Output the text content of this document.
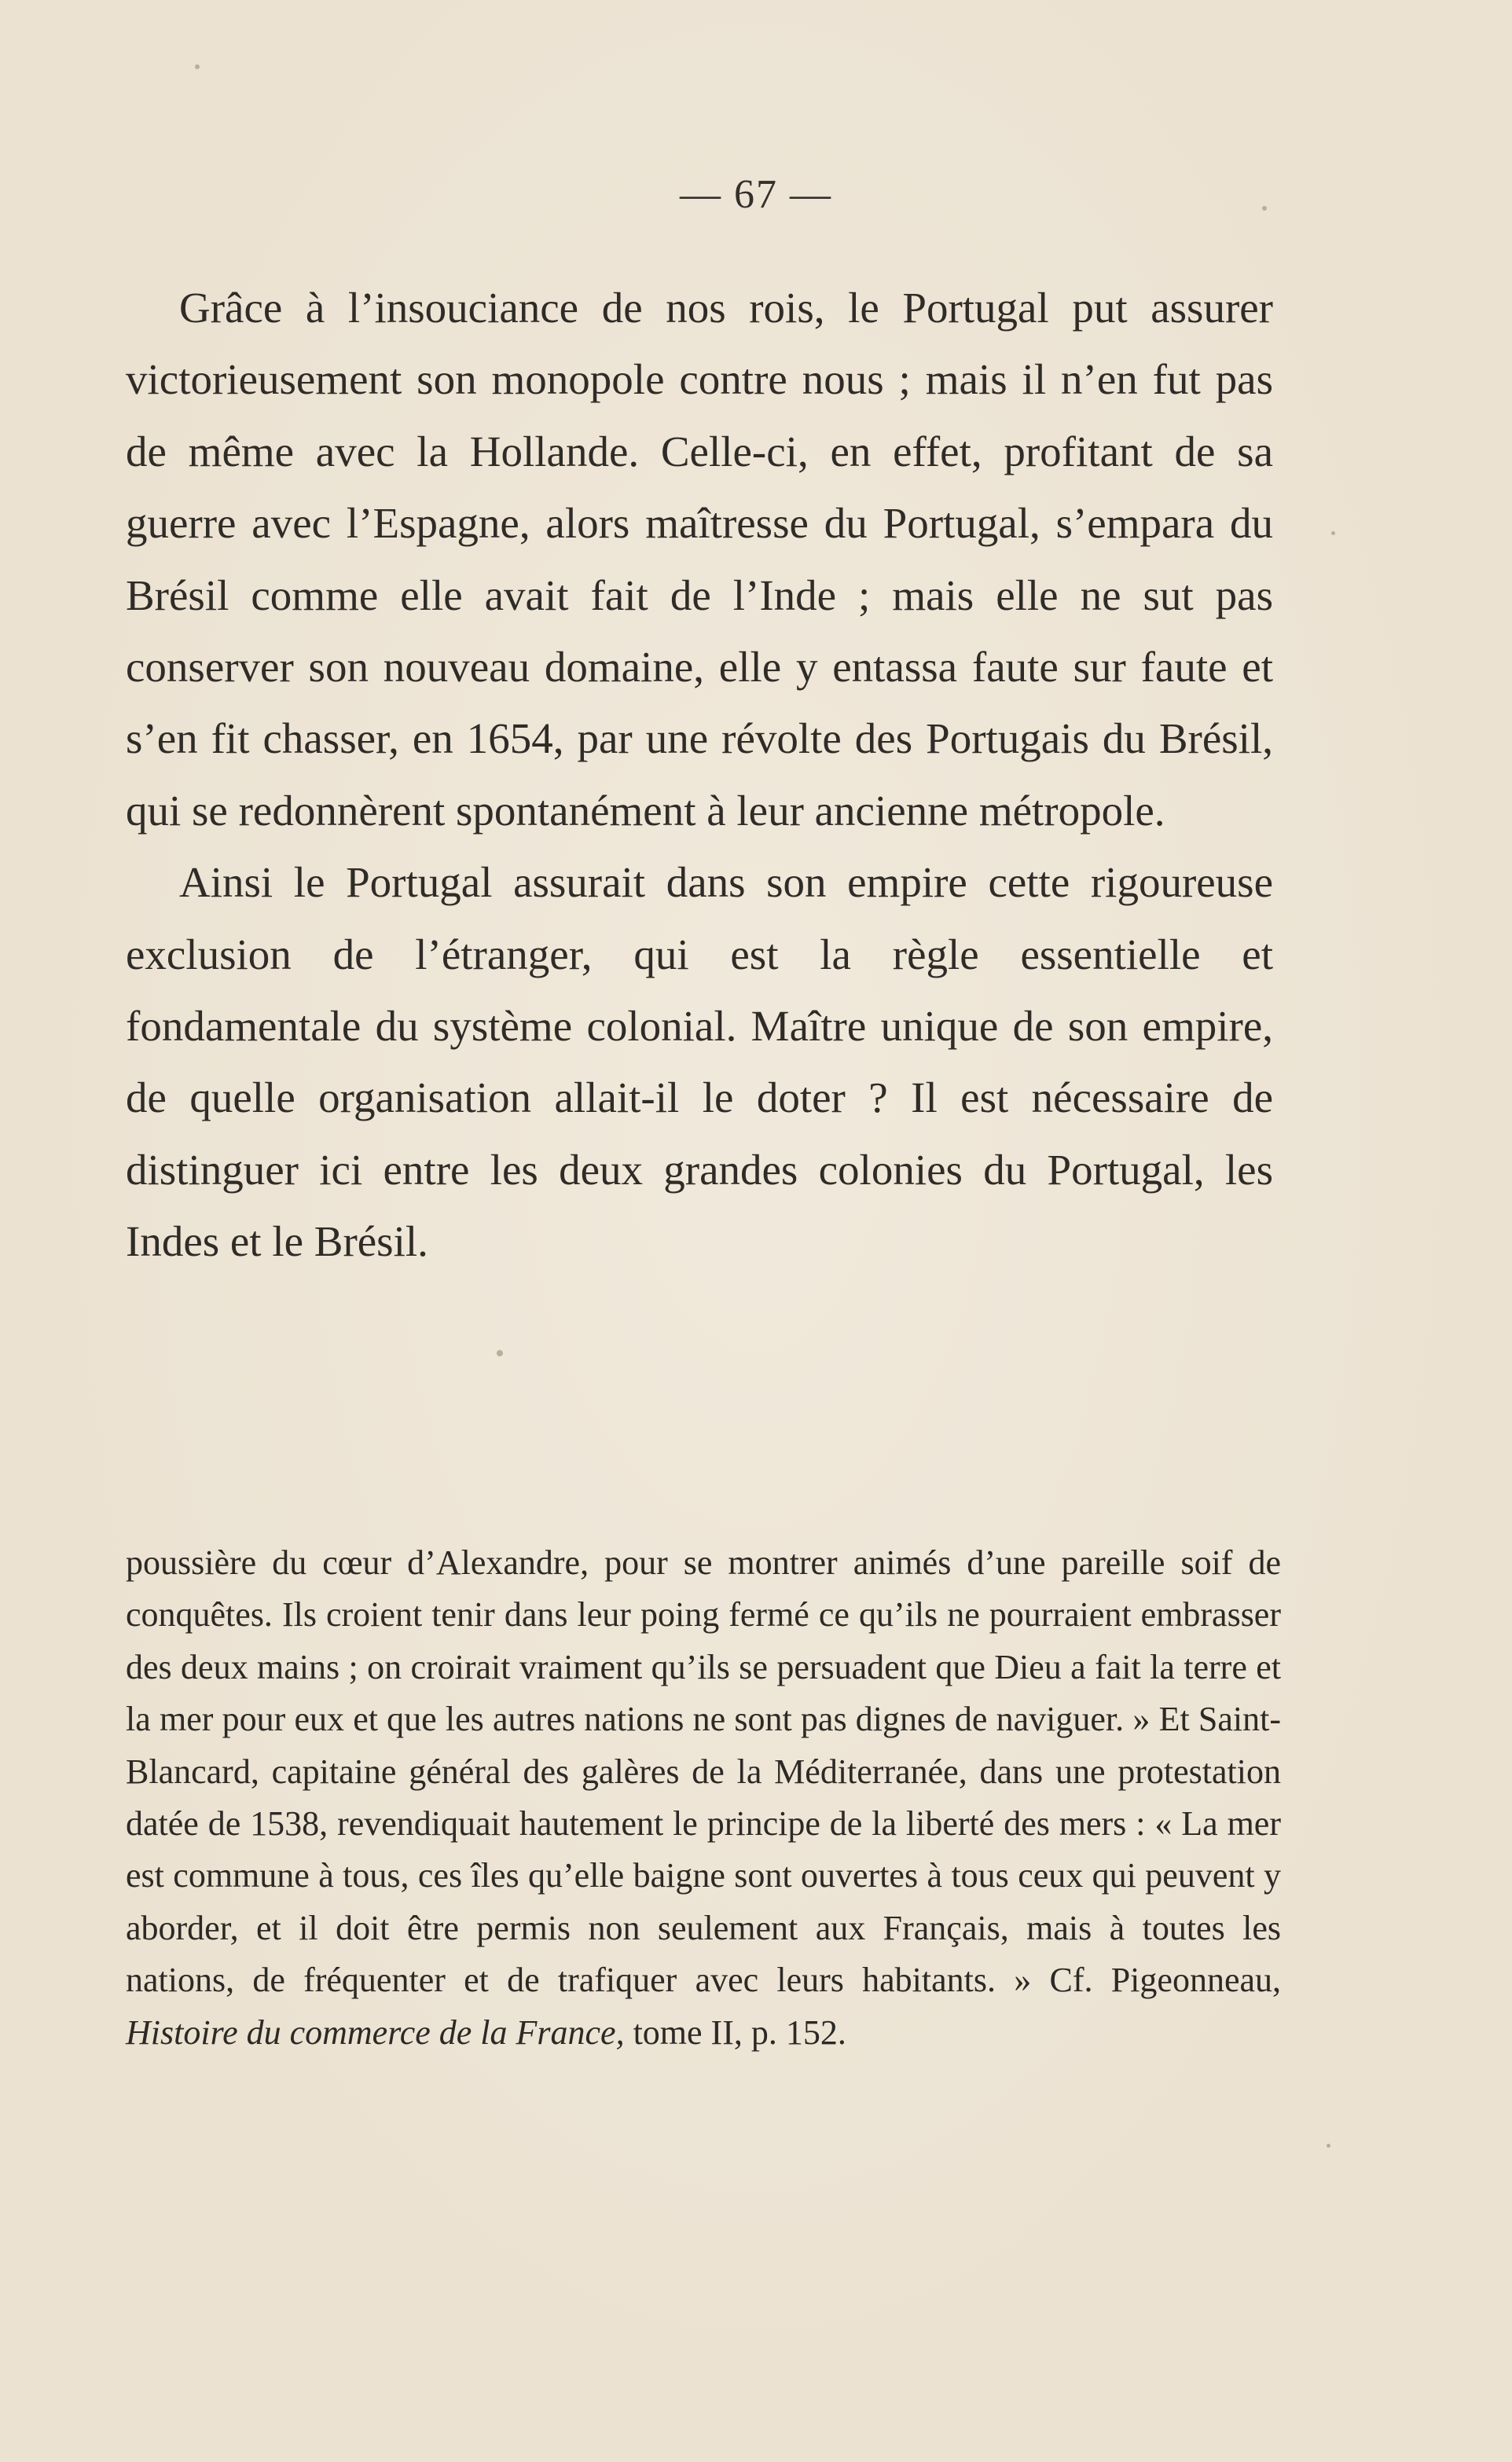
— 67 —

Grâce à l’insouciance de nos rois, le Portugal put assurer victorieusement son monopole contre nous ; mais il n’en fut pas de même avec la Hollande. Celle-ci, en effet, profitant de sa guerre avec l’Espagne, alors maîtresse du Portugal, s’empara du Brésil comme elle avait fait de l’Inde ; mais elle ne sut pas conserver son nouveau domaine, elle y entassa faute sur faute et s’en fit chasser, en 1654, par une révolte des Portugais du Brésil, qui se redonnèrent spontanément à leur ancienne métropole.

Ainsi le Portugal assurait dans son empire cette rigoureuse exclusion de l’étranger, qui est la règle essentielle et fondamentale du système colonial. Maître unique de son empire, de quelle organisation allait-il le doter ? Il est nécessaire de distinguer ici entre les deux grandes colonies du Portugal, les Indes et le Brésil.

poussière du cœur d’Alexandre, pour se montrer animés d’une pareille soif de conquêtes. Ils croient tenir dans leur poing fermé ce qu’ils ne pourraient embrasser des deux mains ; on croirait vraiment qu’ils se persuadent que Dieu a fait la terre et la mer pour eux et que les autres nations ne sont pas dignes de naviguer. » Et Saint-Blancard, capitaine général des galères de la Méditerranée, dans une protestation datée de 1538, revendiquait hautement le principe de la liberté des mers : « La mer est commune à tous, ces îles qu’elle baigne sont ouvertes à tous ceux qui peuvent y aborder, et il doit être permis non seulement aux Français, mais à toutes les nations, de fréquenter et de trafiquer avec leurs habitants. » Cf. Pigeonneau, Histoire du commerce de la France, tome II, p. 152.
